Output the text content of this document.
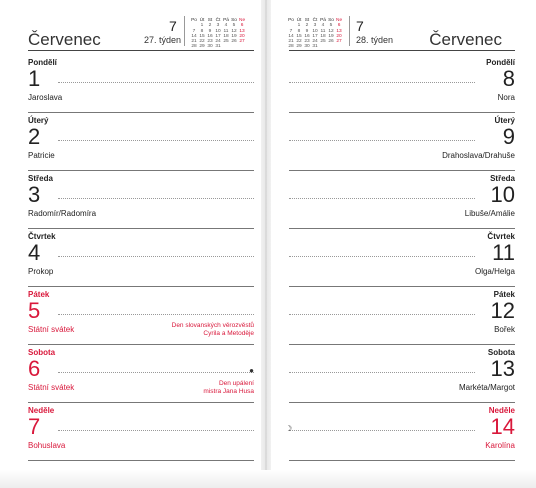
Červenec
7
27. týden
Po	Út	St	Čt	Pá	So	Ne
	1	2	3	4	5	6
7	8	9	10	11	12	13
14	15	16	17	18	19	20
21	22	23	24	25	26	27
28	29	30	31			
Pondělí
1
Jaroslava
Úterý
2
Patricie
Středa
3
Radomír/Radomíra
Čtvrtek
4
Prokop
Pátek
5
Státní svátek	Den slovanských věrozvěstů
Cyrila a Metoděje
Sobota
6
Státní svátek	Den upálení
mistra Jana Husa
●
Neděle
7
Bohuslava
Po	Út	St	Čt	Pá	So	Ne
	1	2	3	4	5	6
7	8	9	10	11	12	13
14	15	16	17	18	19	20
21	22	23	24	25	26	27
28	29	30	31			
7
28. týden Červenec
Pondělí
8
Nora
Úterý
9
Drahoslava/Drahuše
Středa
10
Libuše/Amálie
Čtvrtek
11
Olga/Helga
Pátek
12
Bořek
Sobota
13
Markéta/Margot
Neděle
14
Karolína
☽
